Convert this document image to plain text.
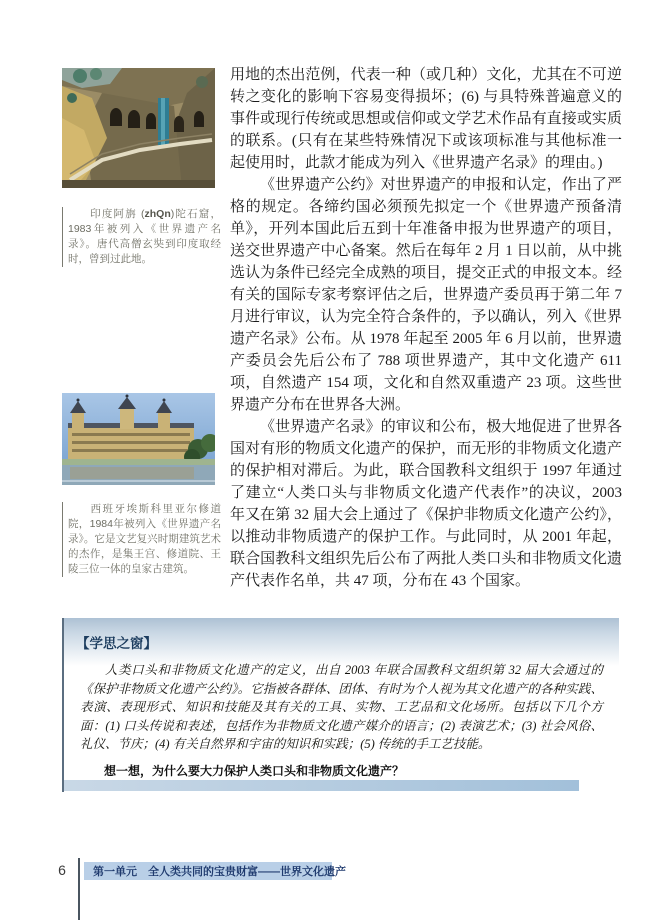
印度阿旃 (zhQn)陀石窟，1983年被列入《世界遗产名录》。唐代高僧玄奘到印度取经时，曾到过此地。

西班牙埃斯科里亚尔修道院，1984年被列入《世界遗产名录》。它是文艺复兴时期建筑艺术的杰作，是集王宫、修道院、王陵三位一体的皇家古建筑。

用地的杰出范例，代表一种（或几种）文化，尤其在不可逆转之变化的影响下容易变得损坏；(6) 与具特殊普遍意义的事件或现行传统或思想或信仰或文学艺术作品有直接或实质的联系。(只有在某些特殊情况下或该项标准与其他标准一起使用时，此款才能成为列入《世界遗产名录》的理由。)

《世界遗产公约》对世界遗产的申报和认定，作出了严格的规定。各缔约国必须预先拟定一个《世界遗产预备清单》，开列本国此后五到十年准备申报为世界遗产的项目，送交世界遗产中心备案。然后在每年 2 月 1 日以前，从中挑选认为条件已经完全成熟的项目，提交正式的申报文本。经有关的国际专家考察评估之后，世界遗产委员再于第二年 7 月进行审议，认为完全符合条件的，予以确认，列入《世界遗产名录》公布。从 1978 年起至 2005 年 6 月以前，世界遗产委员会先后公布了 788 项世界遗产，其中文化遗产 611 项，自然遗产 154 项，文化和自然双重遗产 23 项。这些世界遗产分布在世界各大洲。

《世界遗产名录》的审议和公布，极大地促进了世界各国对有形的物质文化遗产的保护，而无形的非物质文化遗产的保护相对滞后。为此，联合国教科文组织于 1997 年通过了建立“人类口头与非物质文化遗产代表作”的决议，2003 年又在第 32 届大会上通过了《保护非物质文化遗产公约》，以推动非物质遗产的保护工作。与此同时，从 2001 年起，联合国教科文组织先后公布了两批人类口头和非物质文化遗产代表作名单，共 47 项，分布在 43 个国家。

【学思之窗】
人类口头和非物质文化遗产的定义，出自 2003 年联合国教科文组织第 32 届大会通过的《保护非物质文化遗产公约》。它指被各群体、团体、有时为个人视为其文化遗产的各种实践、表演、表现形式、知识和技能及其有关的工具、实物、工艺品和文化场所。包括以下几个方面：(1) 口头传说和表述，包括作为非物质文化遗产媒介的语言；(2) 表演艺术；(3) 社会风俗、礼仪、节庆；(4) 有关自然界和宇宙的知识和实践；(5) 传统的手工艺技能。
想一想，为什么要大力保护人类口头和非物质文化遗产？
6	第一单元　全人类共同的宝贵财富——世界文化遗产
